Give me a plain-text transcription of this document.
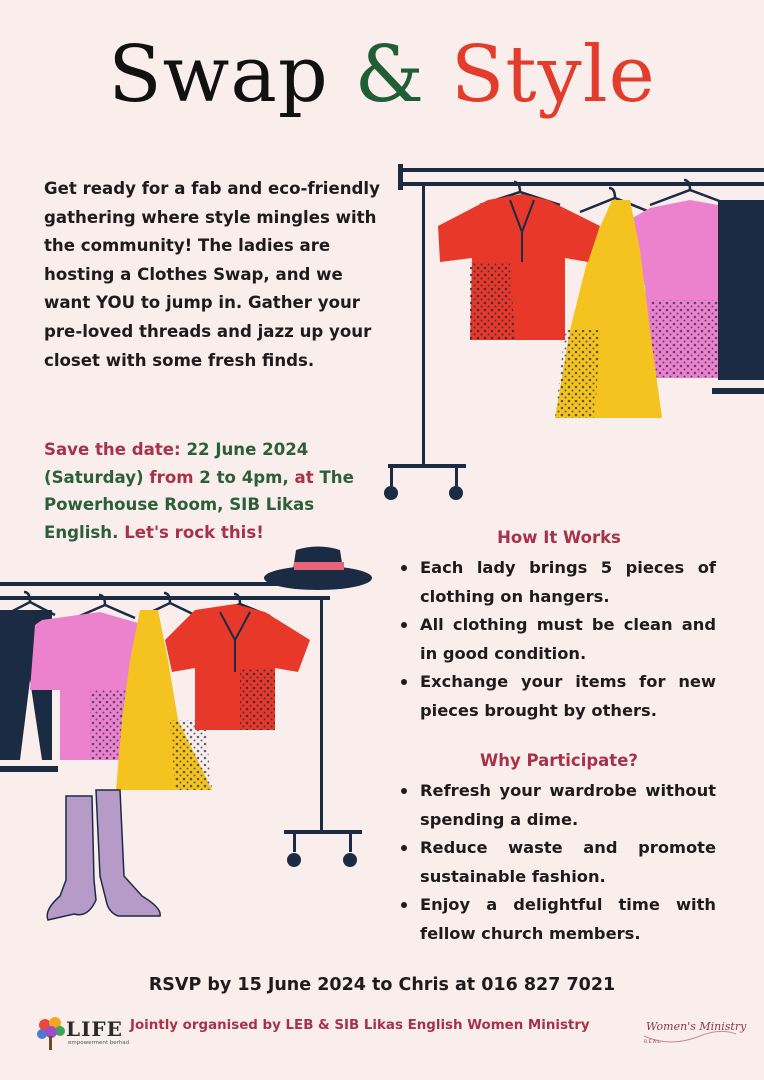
Swap & Style
Get ready for a fab and eco-friendly gathering where style mingles with the community! The ladies are hosting a Clothes Swap, and we want YOU to jump in. Gather your pre-loved threads and jazz up your closet with some fresh finds.
Save the date: 22 June 2024 (Saturday) from 2 to 4pm, at The Powerhouse Room, SIB Likas English. Let's rock this!	How It Works
Each lady brings 5 pieces of clothing on hangers.
All clothing must be clean and in good condition.
Exchange your items for new pieces brought by others.
Why Participate?
Refresh your wardrobe without spending a dime.
Reduce waste and promote sustainable fashion.
Enjoy a delightful time with fellow church members.
RSVP by 15 June 2024 to Chris at 016 827 7021
LIFE
empowerment berhad
Jointly organised by LEB & SIB Likas English Women Ministry	Women's Ministry
R.E.A.L.
